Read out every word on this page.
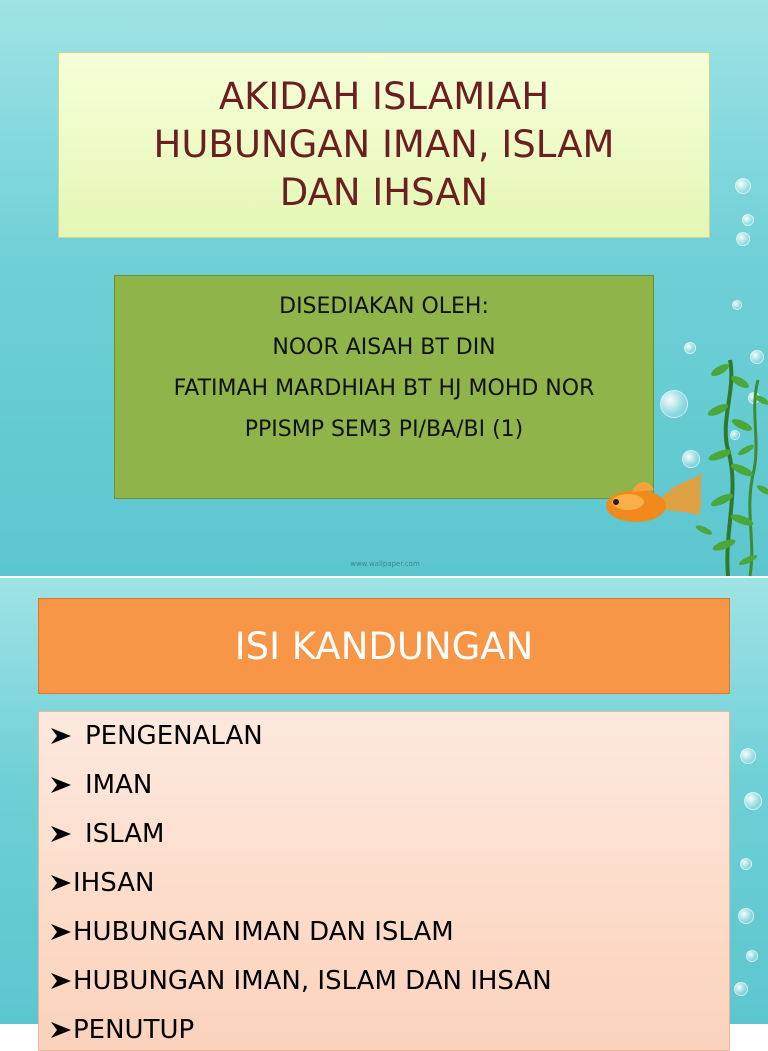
AKIDAH ISLAMIAH
HUBUNGAN IMAN, ISLAM
DAN IHSAN
DISEDIAKAN OLEH:
NOOR AISAH BT DIN
FATIMAH MARDHIAH BT HJ MOHD NOR
PPISMP SEM3 PI/BA/BI (1)
www.wallpaper.com
ISI KANDUNGAN
PENGENALAN
IMAN
ISLAM
IHSAN
HUBUNGAN IMAN DAN ISLAM
HUBUNGAN IMAN, ISLAM DAN IHSAN
PENUTUP
